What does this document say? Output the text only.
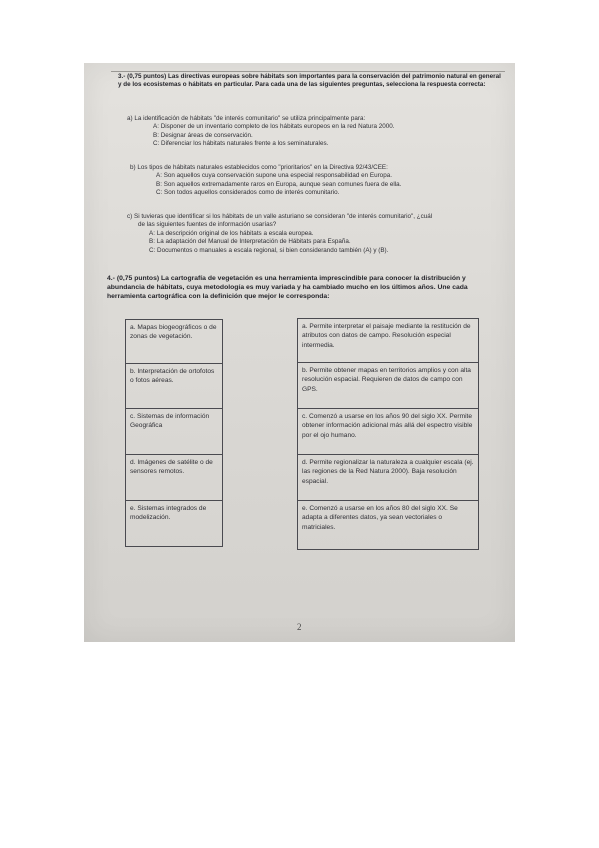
3.- (0,75 puntos) Las directivas europeas sobre hábitats son importantes para la conservación del patrimonio natural en general y de los ecosistemas o hábitats en particular. Para cada una de las siguientes preguntas, selecciona la respuesta correcta:
a) La identificación de hábitats "de interés comunitario" se utiliza principalmente para:
A: Disponer de un inventario completo de los hábitats europeos en la red Natura 2000.
B: Designar áreas de conservación.
C: Diferenciar los hábitats naturales frente a los seminaturales.
b) Los tipos de hábitats naturales establecidos como "prioritarios" en la Directiva 92/43/CEE:
A: Son aquellos cuya conservación supone una especial responsabilidad en Europa.
B: Son aquellos extremadamente raros en Europa, aunque sean comunes fuera de ella.
C: Son todos aquellos considerados como de interés comunitario.
c) Si tuvieras que identificar si los hábitats de un valle asturiano se consideran "de interés comunitario", ¿cuál
de las siguientes fuentes de información usarías?
A: La descripción original de los hábitats a escala europea.
B: La adaptación del Manual de Interpretación de Hábitats para España.
C: Documentos o manuales a escala regional, si bien considerando también (A) y (B).
4.- (0,75 puntos) La cartografía de vegetación es una herramienta imprescindible para conocer la distribución y abundancia de hábitats, cuya metodología es muy variada y ha cambiado mucho en los últimos años. Une cada herramienta cartográfica con la definición que mejor le corresponda:
a. Mapas biogeográficos o de zonas de vegetación.
b. Interpretación de ortofotos o fotos aéreas.
c. Sistemas de información Geográfica
d. Imágenes de satélite o de sensores remotos.
e. Sistemas integrados de modelización.
a. Permite interpretar el paisaje mediante la restitución de atributos con datos de campo. Resolución especial intermedia.
b. Permite obtener mapas en territorios amplios y con alta resolución espacial. Requieren de datos de campo con GPS.
c. Comenzó a usarse en los años 90 del siglo XX. Permite obtener información adicional más allá del espectro visible por el ojo humano.
d. Permite regionalizar la naturaleza a cualquier escala (ej. las regiones de la Red Natura 2000). Baja resolución espacial.
e. Comenzó a usarse en los años 80 del siglo XX. Se adapta a diferentes datos, ya sean vectoriales o matriciales.
2
